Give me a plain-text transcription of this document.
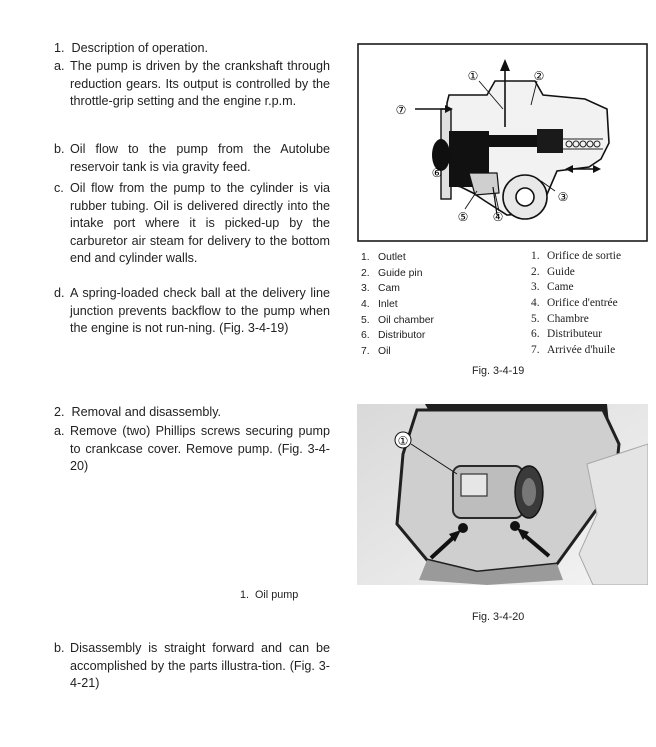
1.  Description of operation.
a. The pump is driven by the crankshaft through reduction gears. Its output is controlled by the throttle-grip setting and the engine r.p.m.
b. Oil flow to the pump from the Autolube reservoir tank is via gravity feed.
c. Oil flow from the pump to the cylinder is via rubber tubing. Oil is delivered directly into the intake port where it is picked-up by the carburetor air steam for delivery to the bottom end and cylinder walls.
d. A spring-loaded check ball at the delivery line junction prevents backflow to the pump when the engine is not run-ning. (Fig. 3-4-19)
2.  Removal and disassembly.
a. Remove (two) Phillips screws securing pump to crankcase cover. Remove pump. (Fig. 3-4-20)
1.  Oil pump
b. Disassembly is straight forward and can be accomplished by the parts illustra-tion. (Fig. 3-4-21)
①	②
③
④
⑤
⑥
⑦
1. Outlet
2. Guide pin
3. Cam
4. Inlet
5. Oil chamber
6. Distributor
7. Oil
1. Orifice de sortie
2. Guide
3. Came
4. Orifice d'entrée
5. Chambre
6. Distributeur
7. Arrivée d'huile
Fig. 3-4-19
①
Fig. 3-4-20
